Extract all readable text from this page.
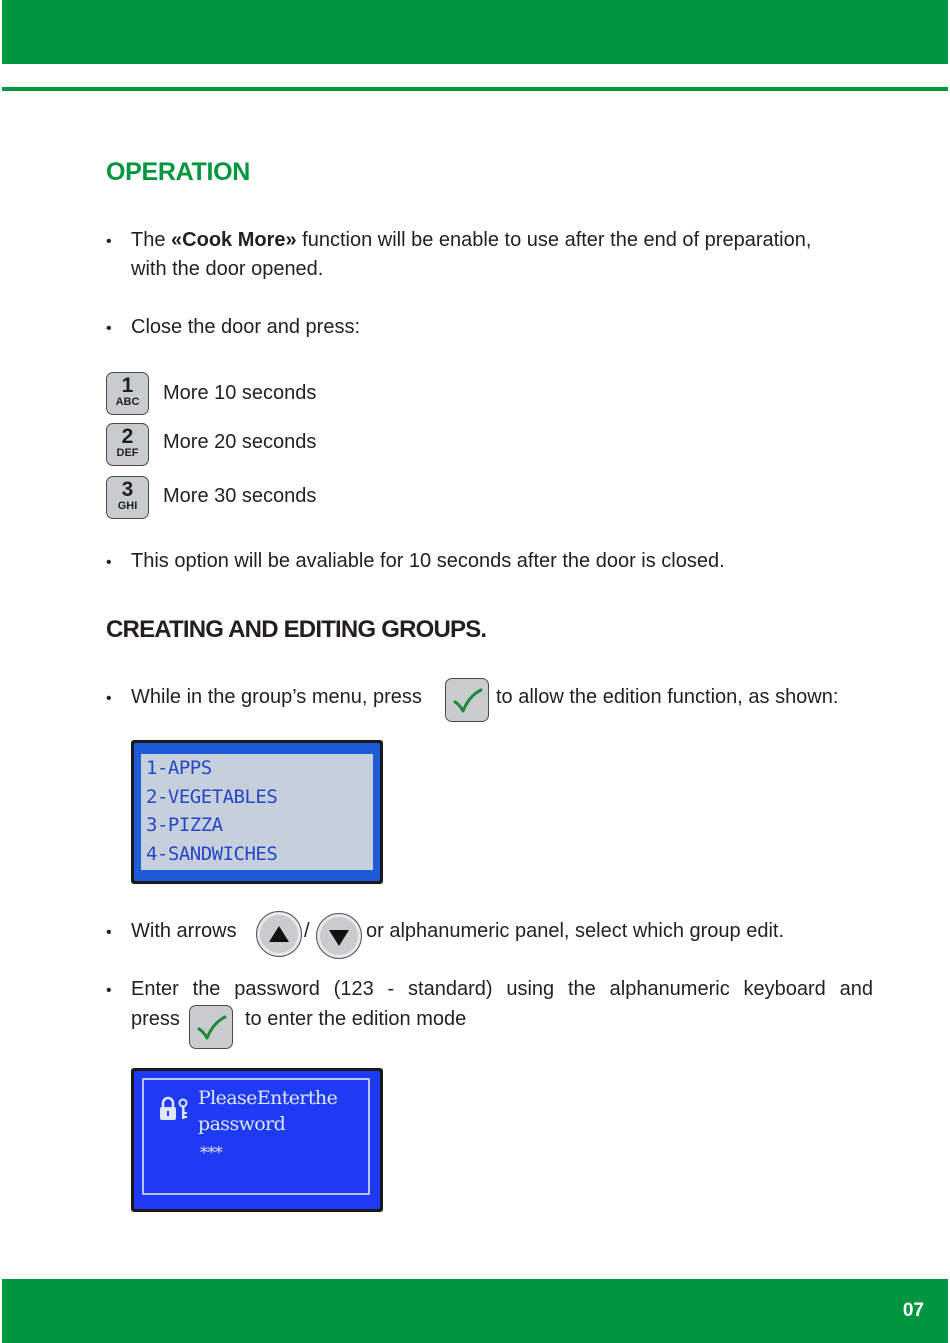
OPERATION
• The «Cook More» function will be enable to use after the end of preparation,
with the door opened.
• Close the door and press:
1
ABC	More 10 seconds
2
DEF	More 20 seconds
3
GHI	More 30 seconds
• This option will be avaliable for 10 seconds after the door is closed.
CREATING AND EDITING GROUPS.
• While in the group’s menu, press	to allow the edition function, as shown:
1-APPS
2-VEGETABLES
3-PIZZA
4-SANDWICHES
• With arrows	/	or alphanumeric panel, select which group edit.
• Enter the password (123 - standard) using the alphanumeric keyboard and
press	to enter the edition mode
PleaseEnterthe
password
***
07
